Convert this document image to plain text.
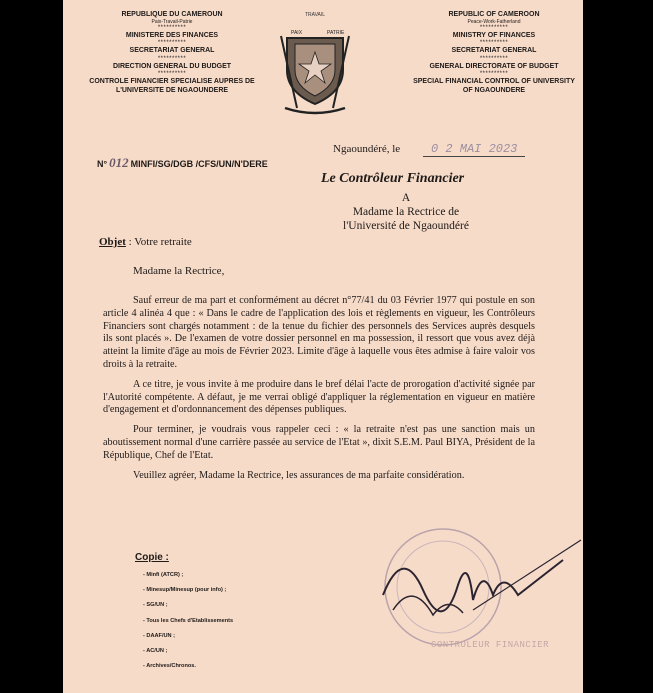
REPUBLIQUE DU CAMEROUN
Paix-Travail-Patrie
**********
MINISTERE DES FINANCES
**********
SECRETARIAT GENERAL
**********
DIRECTION GENERAL DU BUDGET
**********
CONTROLE FINANCIER SPECIALISE AUPRES DE
L'UNIVERSITE DE NGAOUNDERE
TRAVAIL
PAIX	PATRIE
REPUBLIC OF CAMEROON
Peace-Work-Fatherland
**********
MINISTRY OF FINANCES
**********
SECRETARIAT GENERAL
**********
GENERAL DIRECTORATE OF BUDGET
**********
SPECIAL FINANCIAL CONTROL OF UNIVERSITY
OF NGAOUNDERE
Ngaoundéré, le	0 2 MAI 2023
N° 012 MINFI/SG/DGB /CFS/UN/N'DERE
Le Contrôleur Financier
A
Madame la Rectrice de
l'Université de Ngaoundéré
Objet : Votre retraite
Madame la Rectrice,

Sauf erreur de ma part et conformément au décret n°77/41 du 03 Février 1977 qui postule en son article 4 alinéa 4 que : « Dans le cadre de l'application des lois et règlements en vigueur, les Contrôleurs Financiers sont chargés notamment : de la tenue du fichier des personnels des Services auprès desquels ils sont placés ». De l'examen de votre dossier personnel en ma possession, il ressort que vous avez déjà atteint la limite d'âge au mois de Février 2023. Limite d'âge à laquelle vous êtes admise à faire valoir vos droits à la retraite.

A ce titre, je vous invite à me produire dans le bref délai l'acte de prorogation d'activité signée par l'Autorité compétente. A défaut, je me verrai obligé d'appliquer la réglementation en vigueur en matière d'engagement et d'ordonnancement des dépenses publiques.

Pour terminer, je voudrais vous rappeler ceci : « la retraite n'est pas une sanction mais un aboutissement normal d'une carrière passée au service de l'Etat », dixit S.E.M. Paul BIYA, Président de la République, Chef de l'Etat.

Veuillez agréer, Madame la Rectrice, les assurances de ma parfaite considération.

Copie :
- Minfi (ATCR) ;
- Minesup/Minesup (pour info) ;
- SG/UN ;
- Tous les Chefs d'Etablissements
- DAAF/UN ;
- AC/UN ;
- Archives/Chronos.
CONTROLEUR FINANCIER
